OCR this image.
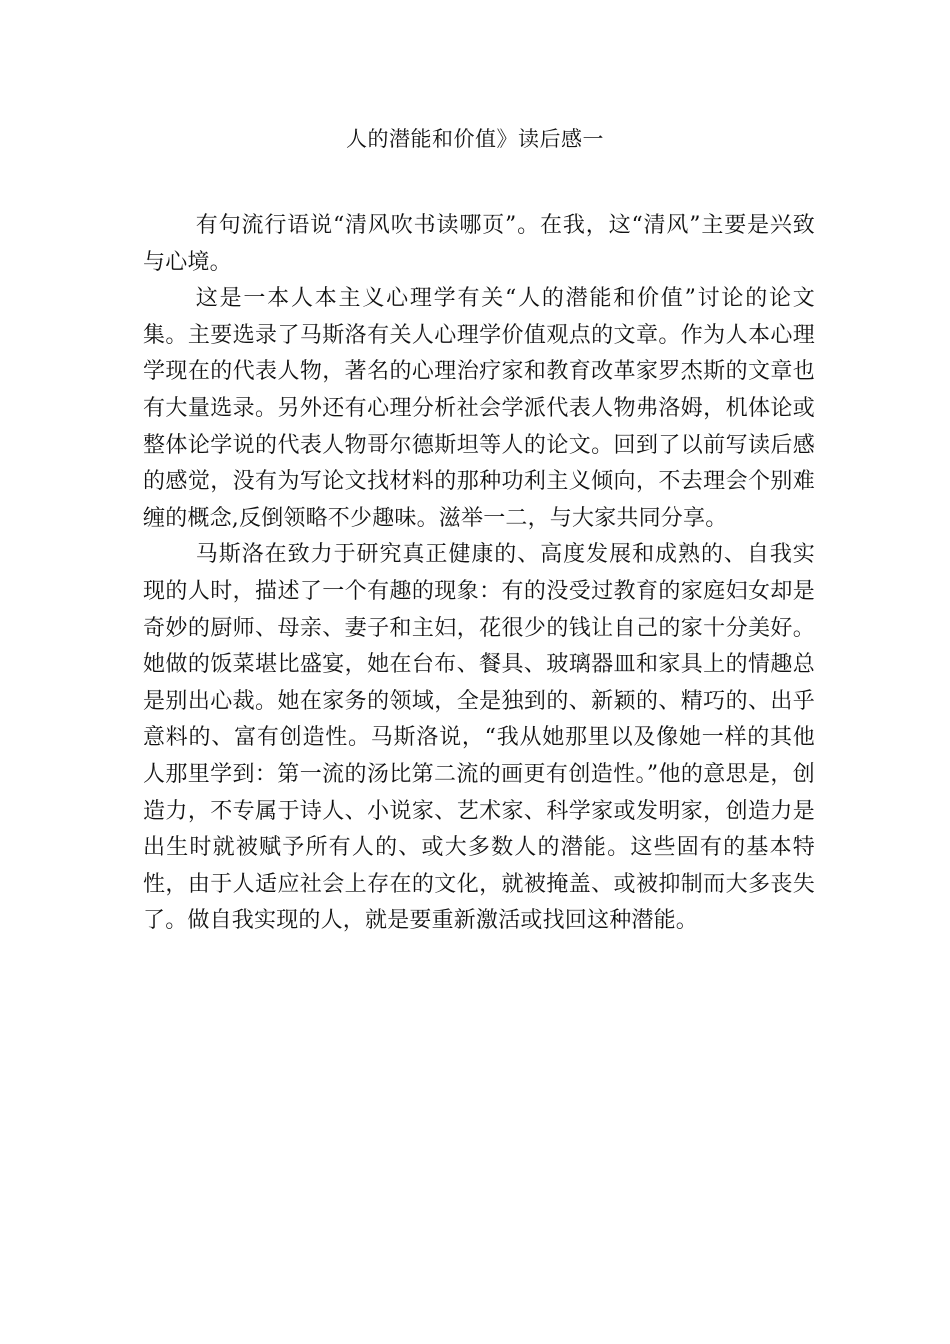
人的潜能和价值》读后感一

有句流行语说“清风吹书读哪页”。在我，这“清风”主要是兴致与心境。

这是一本人本主义心理学有关“人的潜能和价值”讨论的论文集。主要选录了马斯洛有关人心理学价值观点的文章。作为人本心理学现在的代表人物，著名的心理治疗家和教育改革家罗杰斯的文章也有大量选录。另外还有心理分析社会学派代表人物弗洛姆，机体论或整体论学说的代表人物哥尔德斯坦等人的论文。回到了以前写读后感的感觉，没有为写论文找材料的那种功利主义倾向，不去理会个别难缠的概念,反倒领略不少趣味。滋举一二，与大家共同分享。

马斯洛在致力于研究真正健康的、高度发展和成熟的、自我实现的人时，描述了一个有趣的现象：有的没受过教育的家庭妇女却是奇妙的厨师、母亲、妻子和主妇，花很少的钱让自己的家十分美好。她做的饭菜堪比盛宴，她在台布、餐具、玻璃器皿和家具上的情趣总是别出心裁。她在家务的领域，全是独到的、新颖的、精巧的、出乎意料的、富有创造性。马斯洛说，“我从她那里以及像她一样的其他人那里学到：第一流的汤比第二流的画更有创造性。”他的意思是，创造力，不专属于诗人、小说家、艺术家、科学家或发明家，创造力是出生时就被赋予所有人的、或大多数人的潜能。这些固有的基本特性，由于人适应社会上存在的文化，就被掩盖、或被抑制而大多丧失了。做自我实现的人，就是要重新激活或找回这种潜能。
